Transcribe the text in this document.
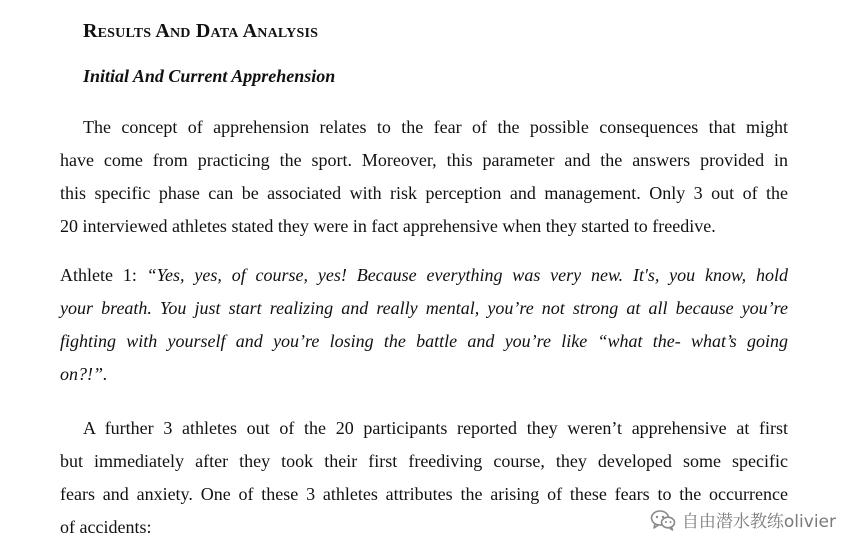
Results And Data Analysis
Initial And Current Apprehension

The concept of apprehension relates to the fear of the possible consequences that might
have come from practicing the sport. Moreover, this parameter and the answers provided in
this specific phase can be associated with risk perception and management. Only 3 out of the
20 interviewed athletes stated they were in fact apprehensive when they started to freedive.

Athlete 1: “Yes, yes, of course, yes! Because everything was very new. It's, you know, hold
your breath. You just start realizing and really mental, you’re not strong at all because you’re
fighting with yourself and you’re losing the battle and you’re like “what the- what’s going
on?!”.

A further 3 athletes out of the 20 participants reported they weren’t apprehensive at first
but immediately after they took their first freediving course, they developed some specific
fears and anxiety. One of these 3 athletes attributes the arising of these fears to the occurrence
of accidents:	自由潜水教练olivier
